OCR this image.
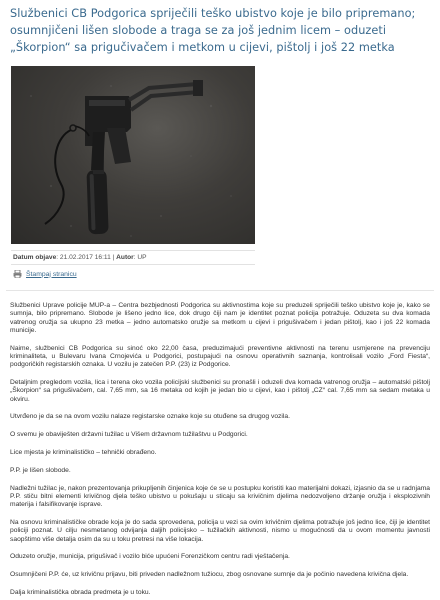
Službenici CB Podgorica spriječili teško ubistvo koje je bilo pripremano; osumnjičeni lišen slobode a traga se za još jednim licem – oduzeti „Škorpion“ sa prigučivačem i metkom u cijevi, pištolj i još 22 metka
Datum objave: 21.02.2017 16:11 | Autor: UP
Štampaj stranicu

Službenici Uprave policije MUP-a – Centra bezbjednosti Podgorica su aktivnostima koje su preduzeli spriječili teško ubistvo koje je, kako se sumnja, bilo pripremano. Slobode je lišeno jedno lice, dok drugo čiji nam je identitet poznat policija potražuje. Oduzeta su dva komada vatrenog oružja sa ukupno 23 metka – jedno automatsko oružje sa metkom u cijevi i prigušivačem i jedan pištolj, kao i još 22 komada municije.

Naime, službenici CB Podgorica su sinoć oko 22,00 časa, preduzimajući preventivne aktivnosti na terenu usmjerene na prevenciju kriminaliteta, u Bulevaru Ivana Crnojevića u Podgorici, postupajući na osnovu operativnih saznanja, kontrolisali vozilo „Ford Fiesta“, podgoričkih registarskih oznaka. U vozilu je zatečen P.P. (23) iz Podgorice.

Detaljnim pregledom vozila, lica i terena oko vozila policijski službenici su pronašli i oduzeli dva komada vatrenog oružja – automatski pištolj „Škorpion“ sa prigušivačem, cal. 7,65 mm, sa 16 metaka od kojih je jedan bio u cijevi, kao i pištolj „CZ“ cal. 7,65 mm sa sedam metaka u okviru.

Utvrđeno je da se na ovom vozilu nalaze registarske oznake koje su otuđene sa drugog vozila.

O svemu je obaviješten državni tužilac u Višem državnom tužilaštvu u Podgorici.

Lice mjesta je kriminalističko – tehnički obrađeno.

P.P. je lišen slobode.

Nadležni tužilac je, nakon prezentovanja prikupljenih činjenica koje će se u postupku koristiti kao materijalni dokazi, izjasnio da se u radnjama P.P. stiču bitni elementi krivičnog djela teško ubistvo u pokušaju u sticaju sa krivičnim djelima nedozvoljeno držanje oružja i eksplozivnih materija i falsifikovanje isprave.

Na osnovu kriminalističke obrade koja je do sada sprovedena, policija u vezi sa ovim krivičnim djelima potražuje još jedno lice, čiji je identitet policiji poznat. U cilju nesmetanog odvijanja daljih policijsko – tužilačkih aktivnosti, nismo u mogućnosti da u ovom momentu javnosti saopštimo više detalja osim da su u toku pretresi na više lokacija.

Oduzeto oružje, municija, prigušivač i vozilo biće upućeni Forenzičkom centru radi vještačenja.

Osumnjičeni P.P. će, uz krivičnu prijavu, biti priveden nadležnom tužiocu, zbog osnovane sumnje da je počinio navedena krivična djela.

Dalja kriminalistička obrada predmeta je u toku.
